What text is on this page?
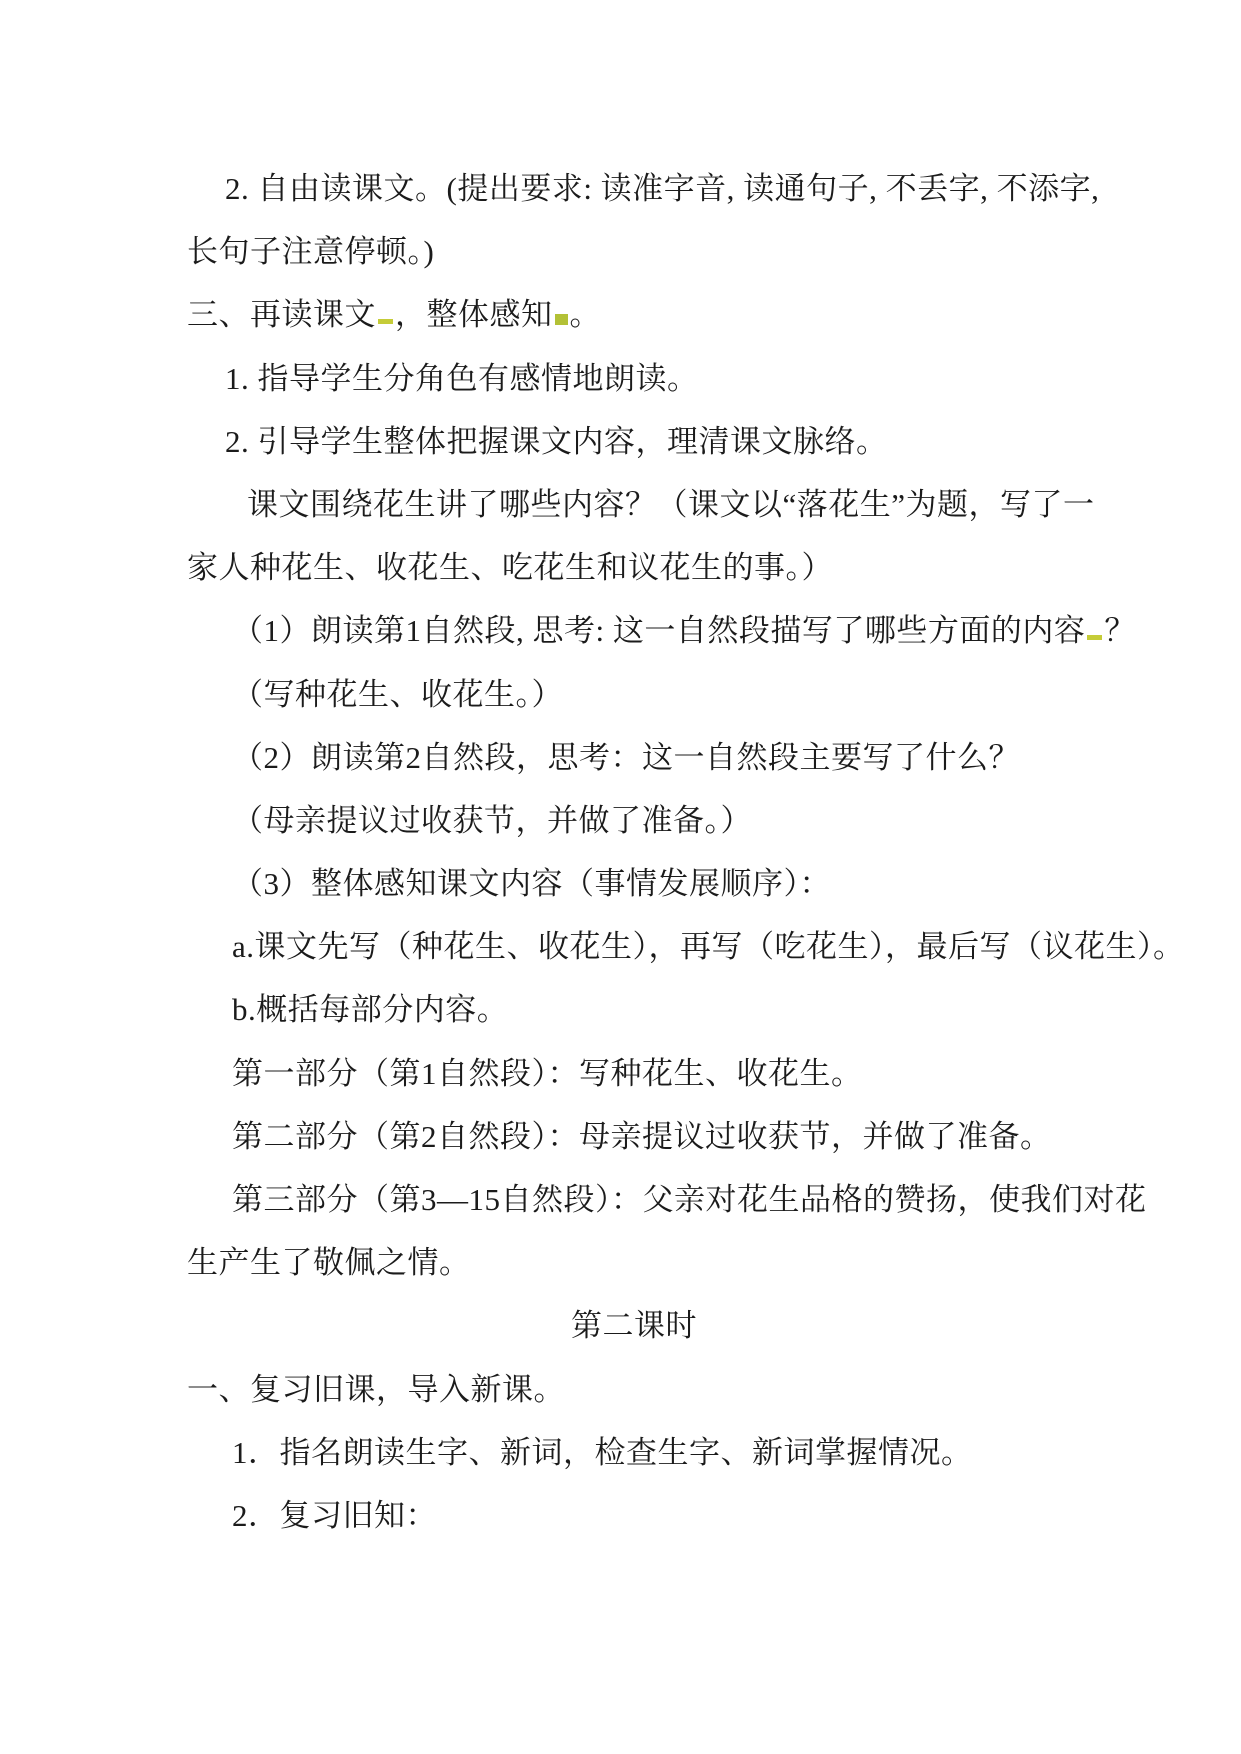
2. 自由读课文。(提出要求: 读准字音, 读通句子, 不丢字, 不添字,
长句子注意停顿。)
三、再读课文 ，整体感知 。
1. 指导学生分角色有感情地朗读。
2. 引导学生整体把握课文内容，理清课文脉络。
课文围绕花生讲了哪些内容？（课文以“落花生”为题，写了一
家人种花生、收花生、吃花生和议花生的事。）
（1）朗读第1自然段, 思考: 这一自然段描写了哪些方面的内容 ？
（写种花生、收花生。）
（2）朗读第2自然段，思考：这一自然段主要写了什么？
（母亲提议过收获节，并做了准备。）
（3）整体感知课文内容（事情发展顺序）：
a.课文先写（种花生、收花生），再写（吃花生），最后写（议花生）。
b.概括每部分内容。
第一部分（第1自然段）：写种花生、收花生。
第二部分（第2自然段）：母亲提议过收获节，并做了准备。
第三部分（第3—15自然段）：父亲对花生品格的赞扬，使我们对花
生产生了敬佩之情。
第二课时
一、复习旧课，导入新课。
1．指名朗读生字、新词，检查生字、新词掌握情况。
2．复习旧知：
